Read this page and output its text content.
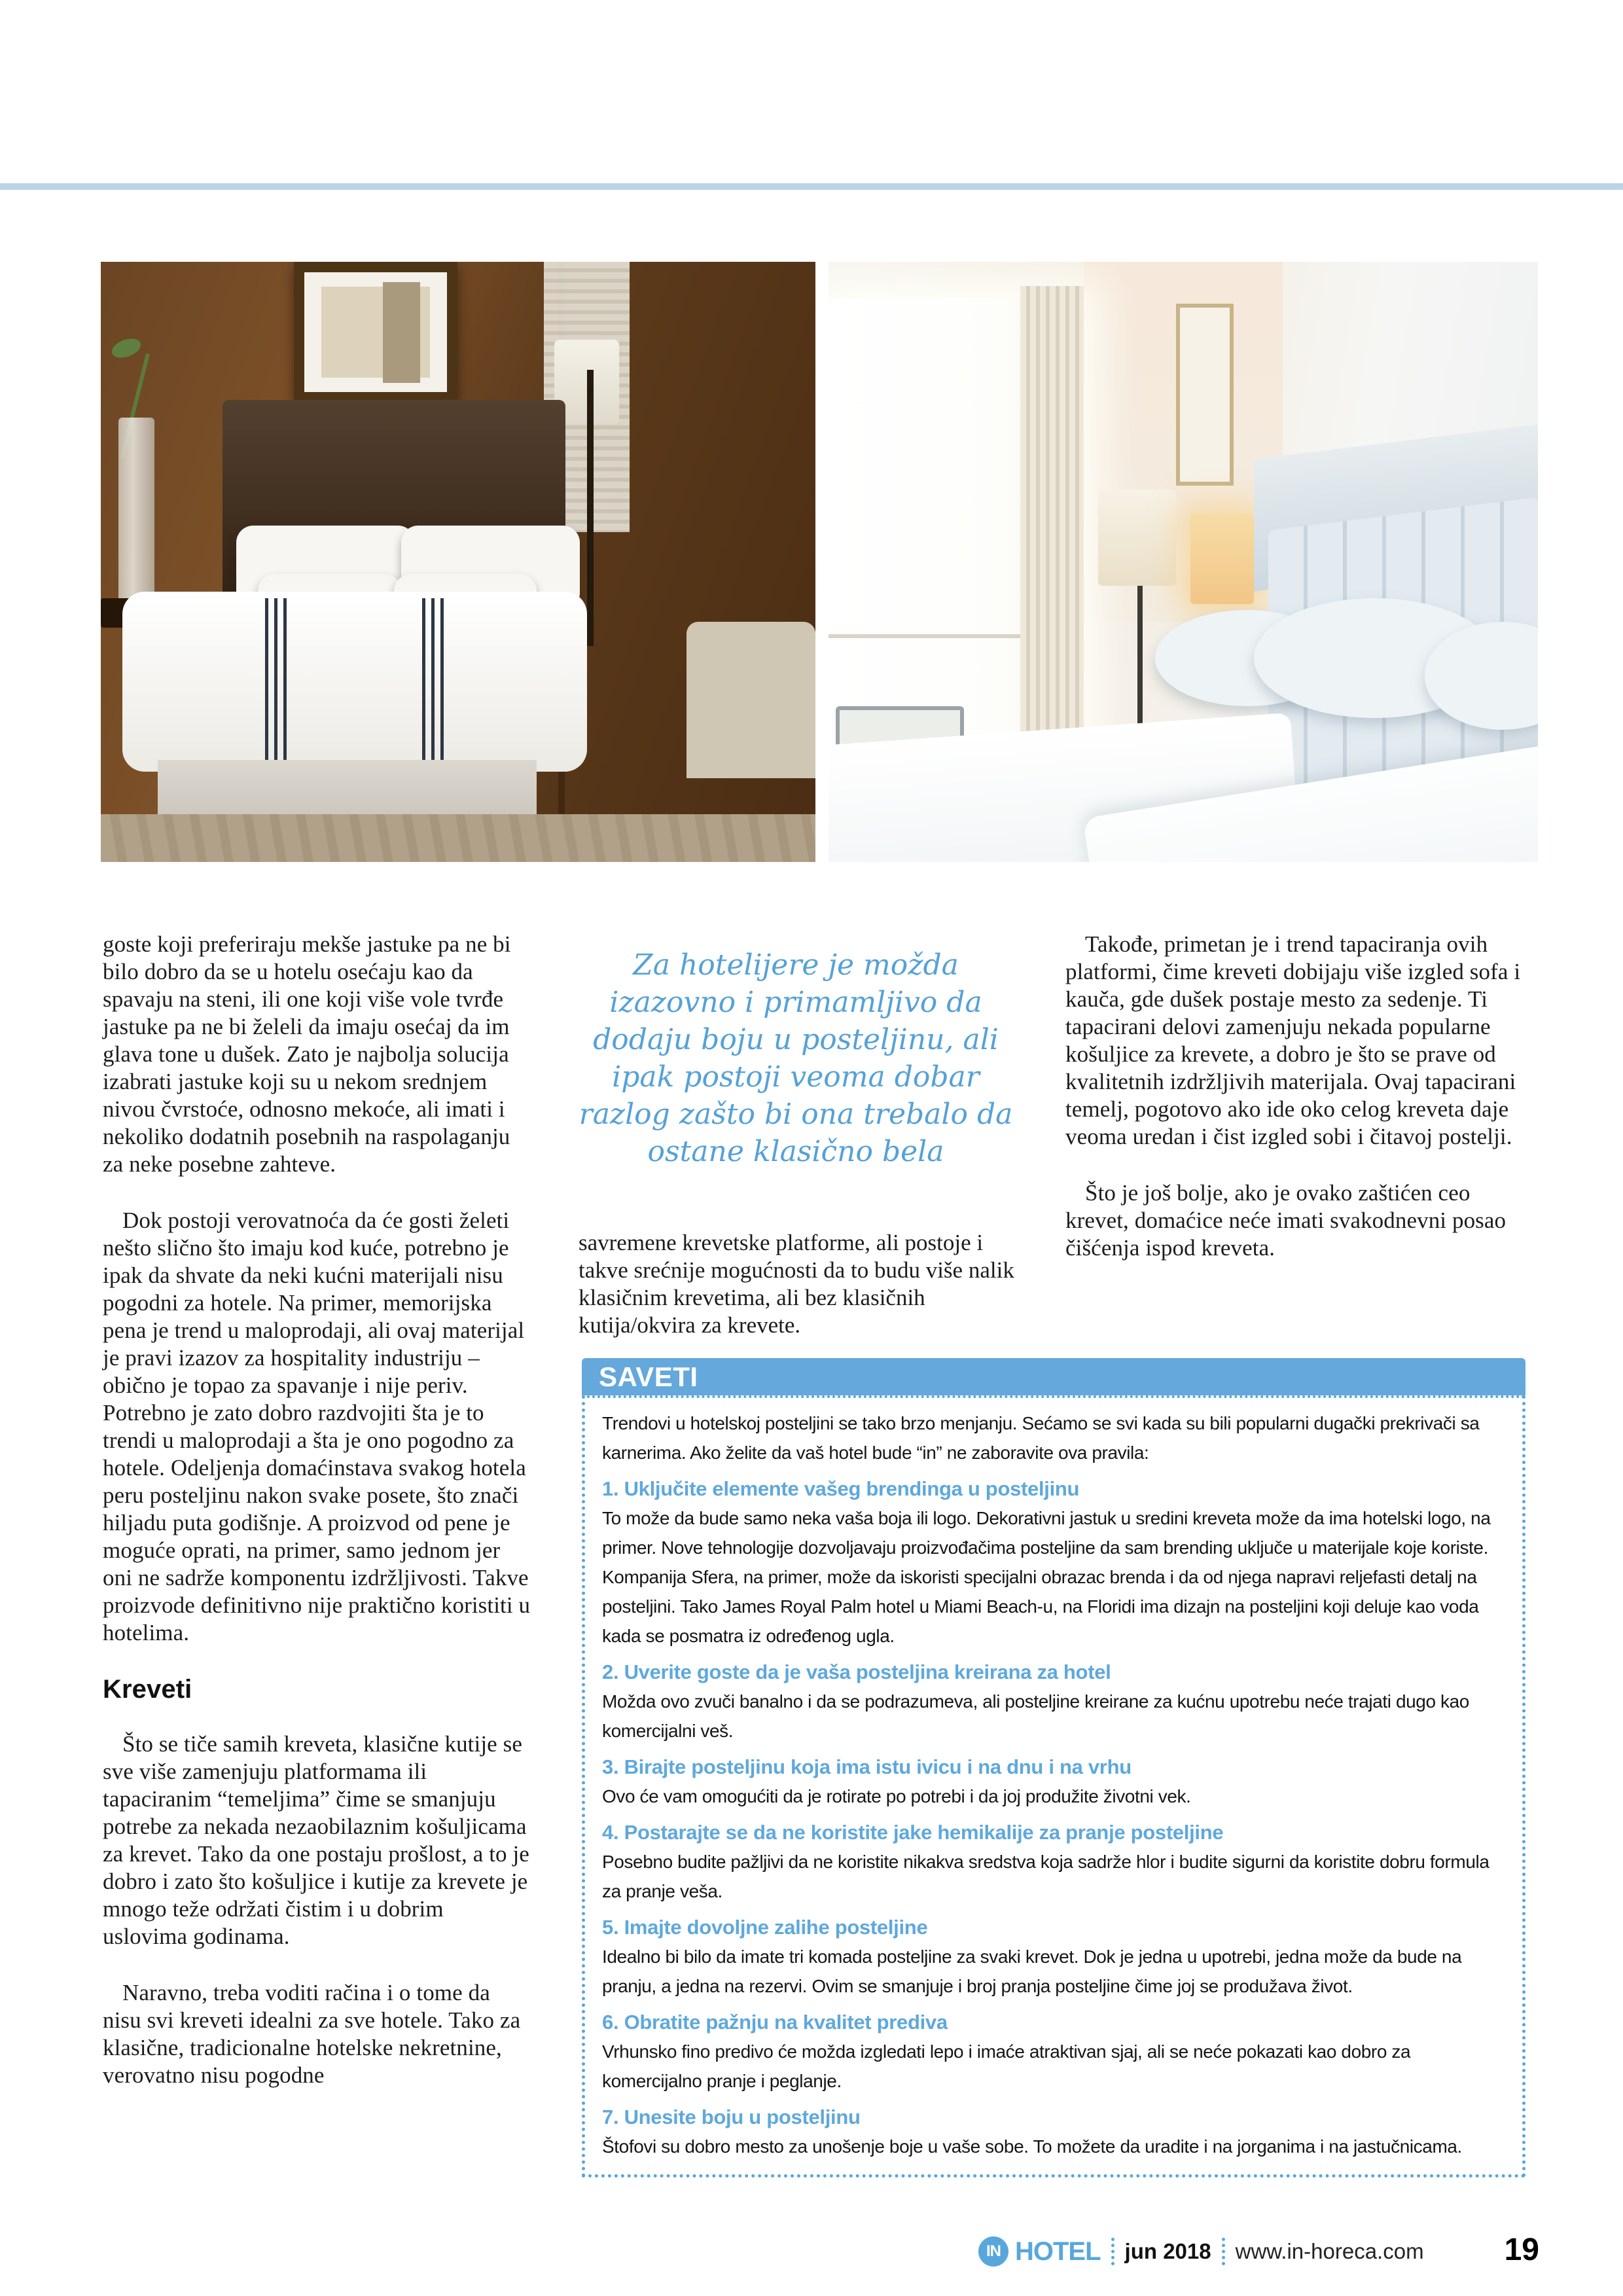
goste koji preferiraju mekše jastuke pa ne bi bilo dobro da se u hotelu osećaju kao da spavaju na steni, ili one koji više vole tvrđe jastuke pa ne bi želeli da imaju osećaj da im glava tone u dušek. Zato je najbolja solucija izabrati jastuke koji su u nekom srednjem nivou čvrstoće, odnosno mekoće, ali imati i nekoliko dodatnih posebnih na raspolaganju za neke posebne zahteve.

Dok postoji verovatnoća da će gosti želeti nešto slično što imaju kod kuće, potrebno je ipak da shvate da neki kućni materijali nisu pogodni za hotele. Na primer, memorijska pena je trend u maloprodaji, ali ovaj materijal je pravi izazov za hospitality industriju – obično je topao za spavanje i nije periv. Potrebno je zato dobro razdvojiti šta je to trendi u maloprodaji a šta je ono pogodno za hotele. Odeljenja domaćinstava svakog hotela peru posteljinu nakon svake posete, što znači hiljadu puta godišnje. A proizvod od pene je moguće oprati, na primer, samo jednom jer oni ne sadrže komponentu izdržljivosti. Takve proizvode definitivno nije praktično koristiti u hotelima.

Kreveti

Što se tiče samih kreveta, klasične kutije se sve više zamenjuju platformama ili tapaciranim “temeljima” čime se smanjuju potrebe za nekada nezaobilaznim košuljicama za krevet. Tako da one postaju prošlost, a to je dobro i zato što košuljice i kutije za krevete je mnogo teže održati čistim i u dobrim uslovima godinama.

Naravno, treba voditi račina i o tome da nisu svi kreveti idealni za sve hotele. Tako za klasične, tradicionalne hotelske nekretnine, verovatno nisu pogodne

Za hotelijere je možda izazovno i primamljivo da dodaju boju u posteljinu, ali ipak postoji veoma dobar razlog zašto bi ona trebalo da ostane klasično bela

savremene krevetske platforme, ali postoje i takve srećnije mogućnosti da to budu više nalik klasičnim krevetima, ali bez klasičnih kutija/okvira za krevete.

Takođe, primetan je i trend tapaciranja ovih platformi, čime kreveti dobijaju više izgled sofa i kauča, gde dušek postaje mesto za sedenje. Ti tapacirani delovi zamenjuju nekada popularne košuljice za krevete, a dobro je što se prave od kvalitetnih izdržljivih materijala. Ovaj tapacirani temelj, pogotovo ako ide oko celog kreveta daje veoma uredan i čist izgled sobi i čitavoj postelji.

Što je još bolje, ako je ovako zaštićen ceo krevet, domaćice neće imati svakodnevni posao čišćenja ispod kreveta.

SAVETI

Trendovi u hotelskoj posteljini se tako brzo menjanju. Sećamo se svi kada su bili popularni dugački prekrivači sa karnerima. Ako želite da vaš hotel bude “in” ne zaboravite ova pravila:

1. Uključite elemente vašeg brendinga u posteljinu

To može da bude samo neka vaša boja ili logo. Dekorativni jastuk u sredini kreveta može da ima hotelski logo, na primer. Nove tehnologije dozvoljavaju proizvođačima posteljine da sam brending uključe u materijale koje koriste. Kompanija Sfera, na primer, može da iskoristi specijalni obrazac brenda i da od njega napravi reljefasti detalj na posteljini. Tako James Royal Palm hotel u Miami Beach-u, na Floridi ima dizajn na posteljini koji deluje kao voda kada se posmatra iz određenog ugla.

2. Uverite goste da je vaša posteljina kreirana za hotel

Možda ovo zvuči banalno i da se podrazumeva, ali posteljine kreirane za kućnu upotrebu neće trajati dugo kao komercijalni veš.

3. Birajte posteljinu koja ima istu ivicu i na dnu i na vrhu

Ovo će vam omogućiti da je rotirate po potrebi i da joj produžite životni vek.

4. Postarajte se da ne koristite jake hemikalije za pranje posteljine

Posebno budite pažljivi da ne koristite nikakva sredstva koja sadrže hlor i budite sigurni da koristite dobru formula za pranje veša.

5. Imajte dovoljne zalihe posteljine

Idealno bi bilo da imate tri komada posteljine za svaki krevet. Dok je jedna u upotrebi, jedna može da bude na pranju, a jedna na rezervi. Ovim se smanjuje i broj pranja posteljine čime joj se produžava život.

6. Obratite pažnju na kvalitet prediva

Vrhunsko fino predivo će možda izgledati lepo i imaće atraktivan sjaj, ali se neće pokazati kao dobro za komercijalno pranje i peglanje.

7. Unesite boju u posteljinu

Štofovi su dobro mesto za unošenje boje u vaše sobe. To možete da uradite i na jorganima i na jastučnicama.

IN HOTEL jun 2018 www.in-horeca.com	19
